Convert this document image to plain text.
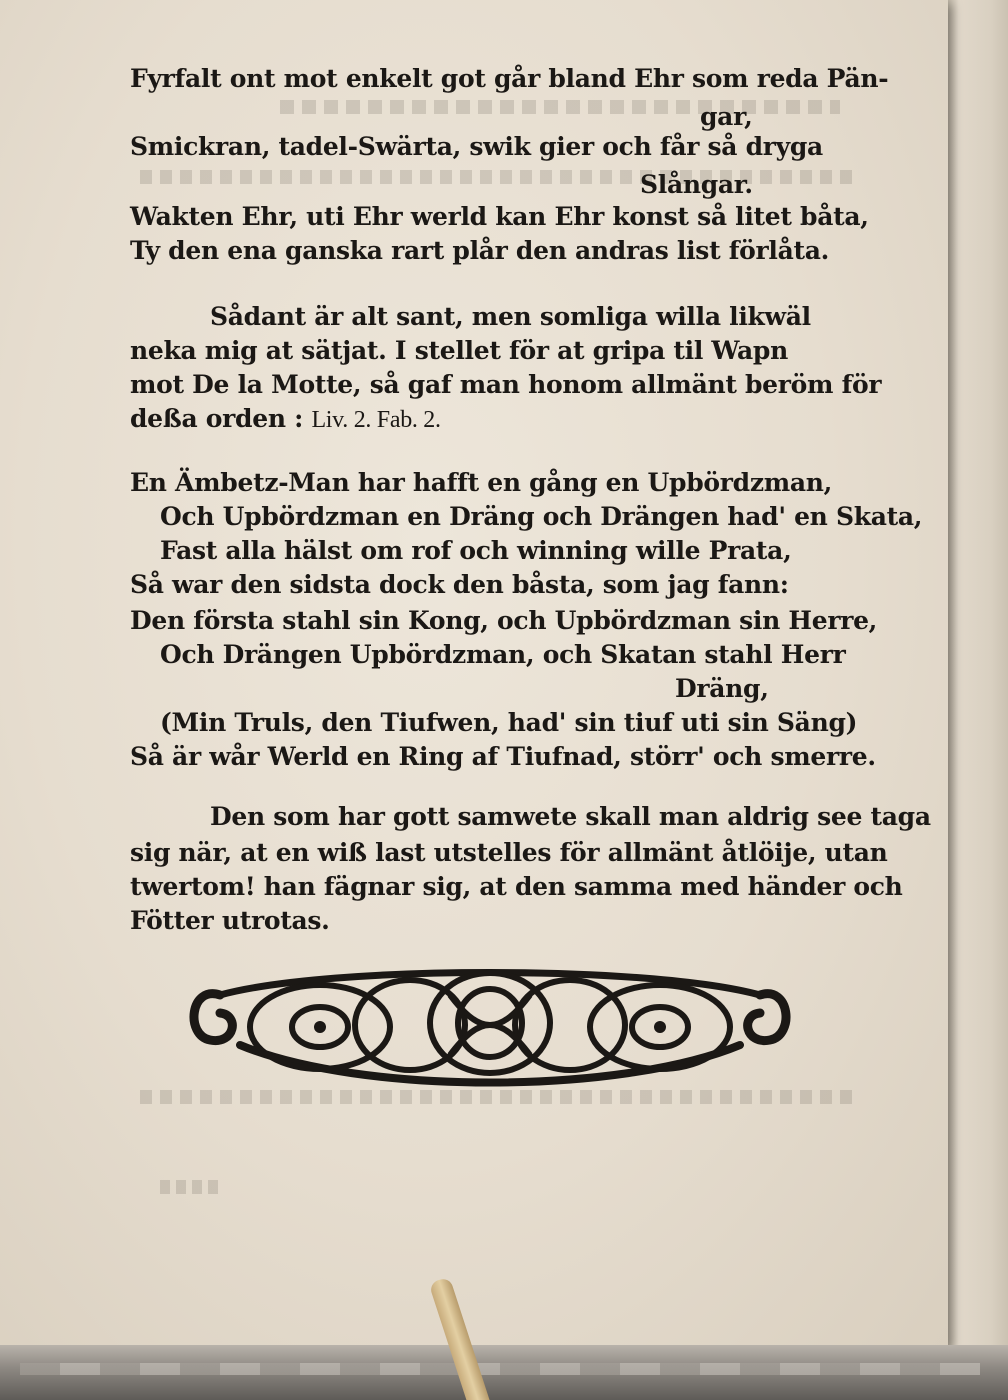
Fyrfalt ont mot enkelt got går bland Ehr som reda Pän-
gar,
Smickran, tadel-Swärta, swik gier och får så dryga
Slångar.
Wakten Ehr, uti Ehr werld kan Ehr konst så litet båta,
Ty den ena ganska rart plår den andras list förlåta.
Sådant är alt sant, men somliga willa likwäl
neka mig at sätjat. I stellet för at gripa til Wapn
mot De la Motte, så gaf man honom allmänt beröm för
deßa orden : Liv. 2. Fab. 2.
En Ämbetz-Man har hafft en gång en Upbördzman,
Och Upbördzman en Dräng och Drängen had' en Skata,
Fast alla hälst om rof och winning wille Prata,
Så war den sidsta dock den båsta, som jag fann:
Den första stahl sin Kong, och Upbördzman sin Herre,
Och Drängen Upbördzman, och Skatan stahl Herr
Dräng,
(Min Truls, den Tiufwen, had' sin tiuf uti sin Säng)
Så är wår Werld en Ring af Tiufnad, störr' och smerre.
Den som har gott samwete skall man aldrig see taga
sig när, at en wiß last utstelles för allmänt åtlöije, utan
twertom! han fägnar sig, at den samma med händer och
Fötter utrotas.
